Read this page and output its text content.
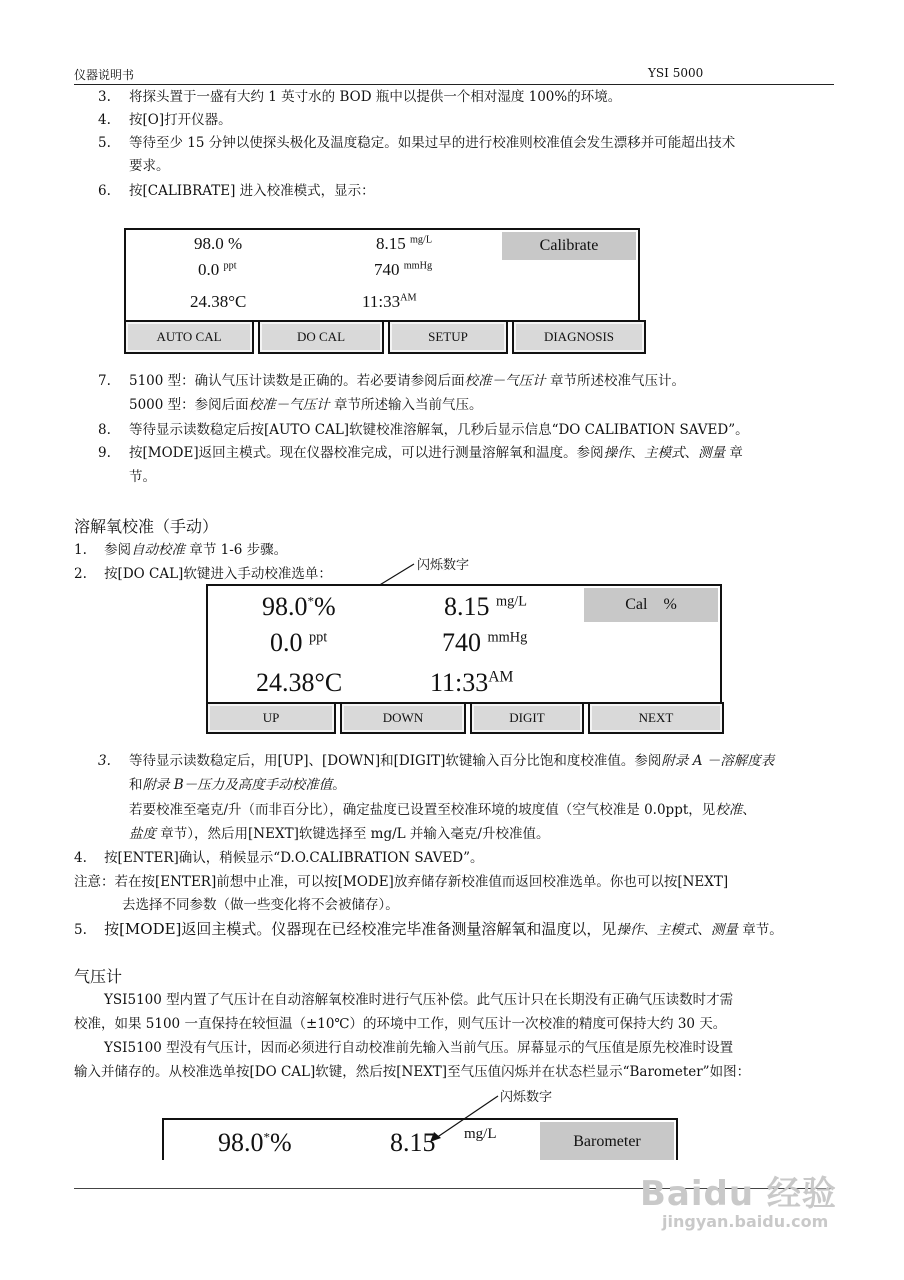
仪器说明书	YSI 5000
3. 将探头置于一盛有大约 1 英寸水的 BOD 瓶中以提供一个相对湿度 100%的环境。
4. 按[O]打开仪器。
5. 等待至少 15 分钟以使探头极化及温度稳定。如果过早的进行校准则校准值会发生漂移并可能超出技术
要求。
6. 按[CALIBRATE] 进入校准模式，显示：
98.0 %
0.0 $^{ppt}$
24.38°C
8.15 $^{mg/L}$
740 $^{mmHg}$
$11:33^{AM}$
Calibrate
AUTO CAL	DO CAL	SETUP	DIAGNOSIS
7. 5100 型：确认气压计读数是正确的。若必要请参阅后面校准－气压计 章节所述校准气压计。
5000 型：参阅后面校准－气压计 章节所述输入当前气压。
8. 等待显示读数稳定后按[AUTO CAL]软键校准溶解氧，几秒后显示信息“DO CALIBATION SAVED”。
9. 按[MODE]返回主模式。现在仪器校准完成，可以进行测量溶解氧和温度。参阅操作、主模式、测量 章
节。
溶解氧校准（手动）
1. 参阅自动校准 章节 1-6 步骤。
2. 按[DO CAL]软键进入手动校准选单：
闪烁数字
98.0*%
0.0 $^{ppt}$
24.38°C
8.15 $^{mg/L}$
740 $^{mmHg}$
$11:33^{AM}$
Cal    %
UP	DOWN	DIGIT	NEXT
3. 等待显示读数稳定后，用[UP]、[DOWN]和[DIGIT]软键输入百分比饱和度校准值。参阅附录 A －溶解度表
和附录 B－压力及高度手动校准值。
若要校准至毫克/升（而非百分比），确定盐度已设置至校准环境的坡度值（空气校准是 0.0ppt，见校准、
盐度 章节），然后用[NEXT]软键选择至 mg/L 并输入毫克/升校准值。
4. 按[ENTER]确认，稍候显示“D.O.CALIBRATION SAVED”。
注意：若在按[ENTER]前想中止准，可以按[MODE]放弃储存新校准值而返回校准选单。你也可以按[NEXT]
去选择不同参数（做一些变化将不会被储存）。
5. 按[MODE]返回主模式。仪器现在已经校准完毕准备测量溶解氧和温度以，见操作、主模式、测量 章节。
气压计
YSI5100 型内置了气压计在自动溶解氧校准时进行气压补偿。此气压计只在长期没有正确气压读数时才需
校准，如果 5100 一直保持在较恒温（±10℃）的环境中工作，则气压计一次校准的精度可保持大约 30 天。
YSI5100 型没有气压计，因而必须进行自动校准前先输入当前气压。屏幕显示的气压值是原先校准时设置
输入并储存的。从校准选单按[DO CAL]软键，然后按[NEXT]至气压值闪烁并在状态栏显示“Barometer”如图：
闪烁数字
98.0*%	8.15 mg/L	Barometer
Baidu 经验
jingyan.baidu.com
